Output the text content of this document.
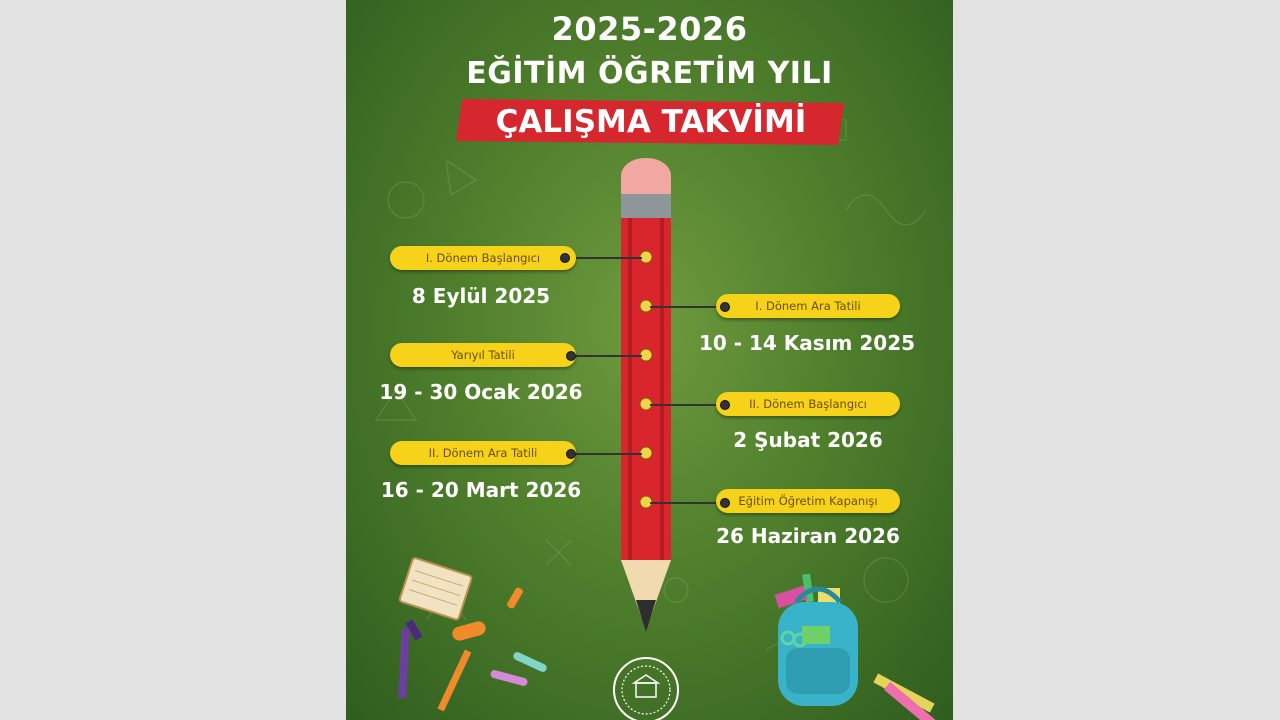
2025-2026
EĞİTİM ÖĞRETİM YILI
ÇALIŞMA TAKVİMİ
I. Dönem Başlangıcı
8 Eylül 2025	I. Dönem Ara Tatili
10 - 14 Kasım 2025
Yarıyıl Tatili
19 - 30 Ocak 2026	II. Dönem Başlangıcı
2 Şubat 2026
II. Dönem Ara Tatili
16 - 20 Mart 2026	Eğitim Öğretim Kapanışı
26 Haziran 2026
